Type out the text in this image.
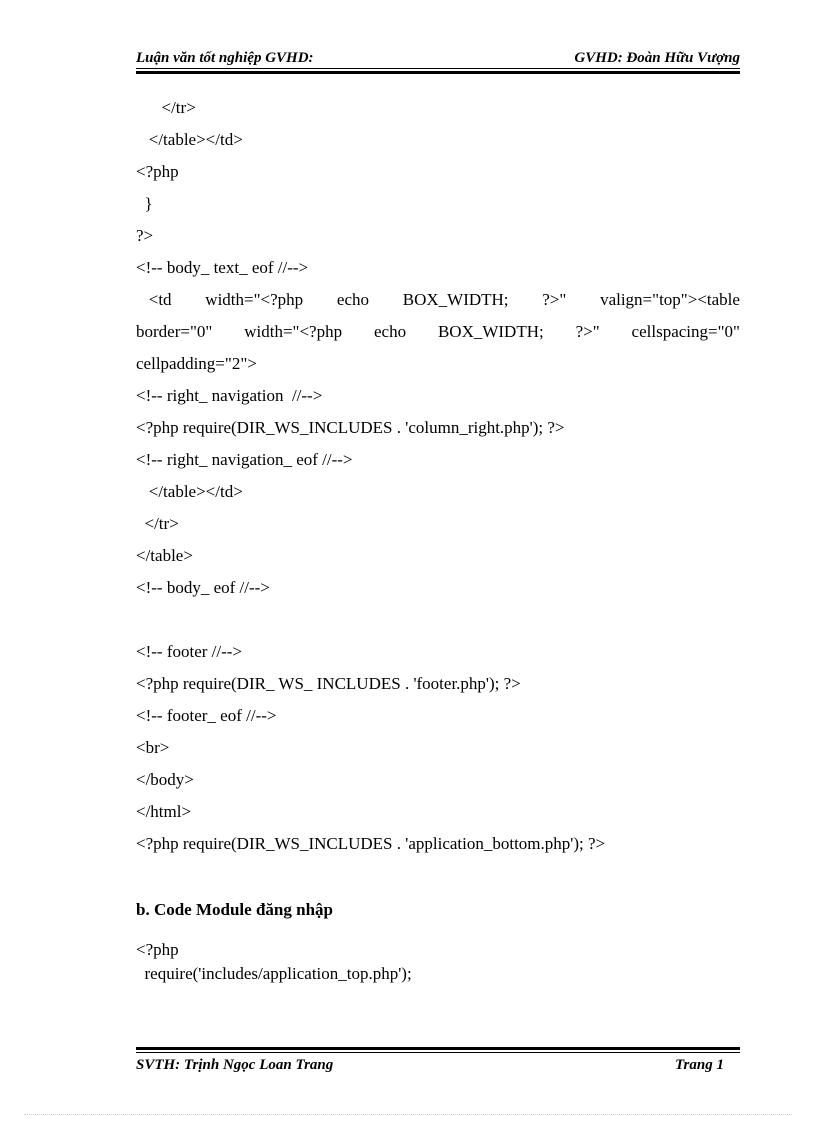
Luận văn tốt nghiệp GVHD:	GVHD: Đoàn Hữu Vượng
</tr>
</table></td>
<?php
}
?>
<!-- body_ text_ eof //-->
<td width="<?php echo BOX_WIDTH; ?>" valign="top"><table
border="0" width="<?php echo BOX_WIDTH; ?>" cellspacing="0"
cellpadding="2">
<!-- right_ navigation  //-->
<?php require(DIR_WS_INCLUDES . 'column_right.php'); ?>
<!-- right_ navigation_ eof //-->
</table></td>
</tr>
</table>
<!-- body_ eof //-->
<!-- footer //-->
<?php require(DIR_ WS_ INCLUDES . 'footer.php'); ?>
<!-- footer_ eof //-->
<br>
</body>
</html>
<?php require(DIR_WS_INCLUDES . 'application_bottom.php'); ?>
b. Code Module đăng nhập
<?php
require('includes/application_top.php');
SVTH: Trịnh Ngọc Loan Trang	Trang 1
